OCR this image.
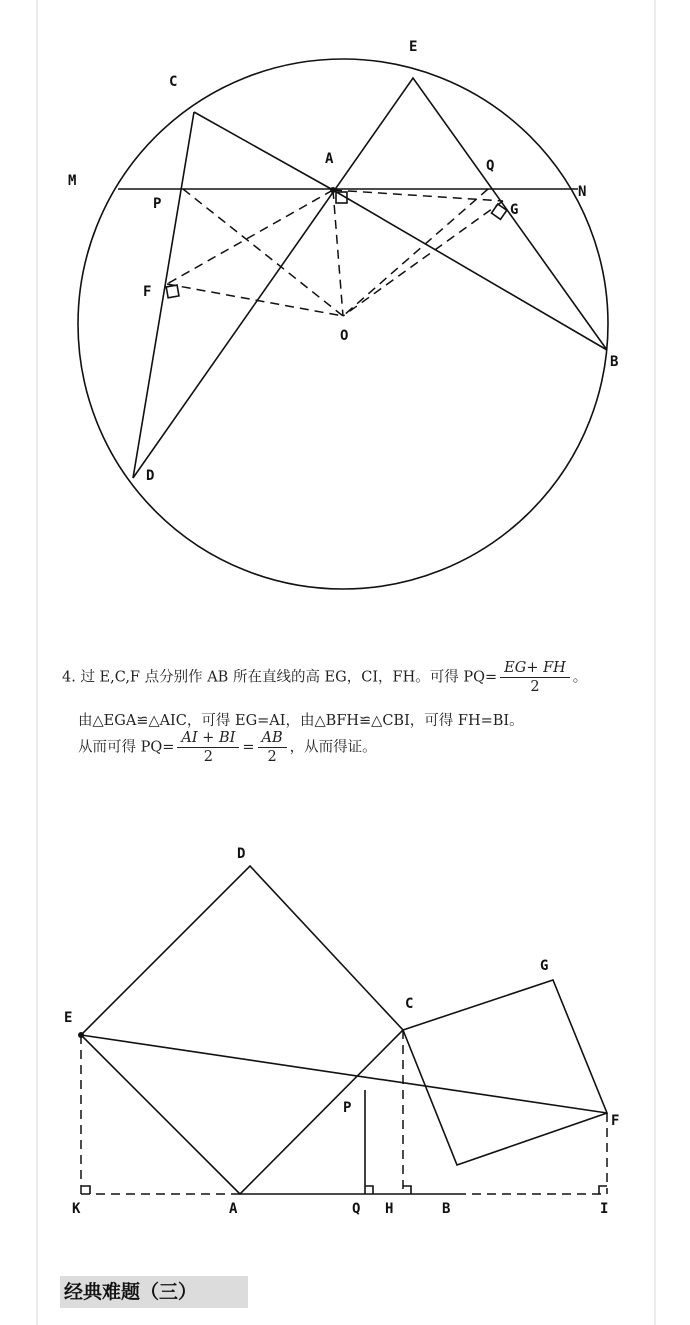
C
E
A	Q
M
P
N
G
F
O
B
D
4. 过 E,C,F 点分别作 AB 所在直线的高 EG，CI，FH。可得 $PQ= \frac{EG+ FH}{2}$ 。
由△EGA≌△AIC，可得 EG=AI，由△BFH≌△CBI，可得 FH=BI。
从而可得 $PQ= \frac{AI + BI}{2} = \frac{AB}{2}$ ，从而得证。
D
G
C
E
P
F
K	A	Q H	B	I
经典难题（三）
